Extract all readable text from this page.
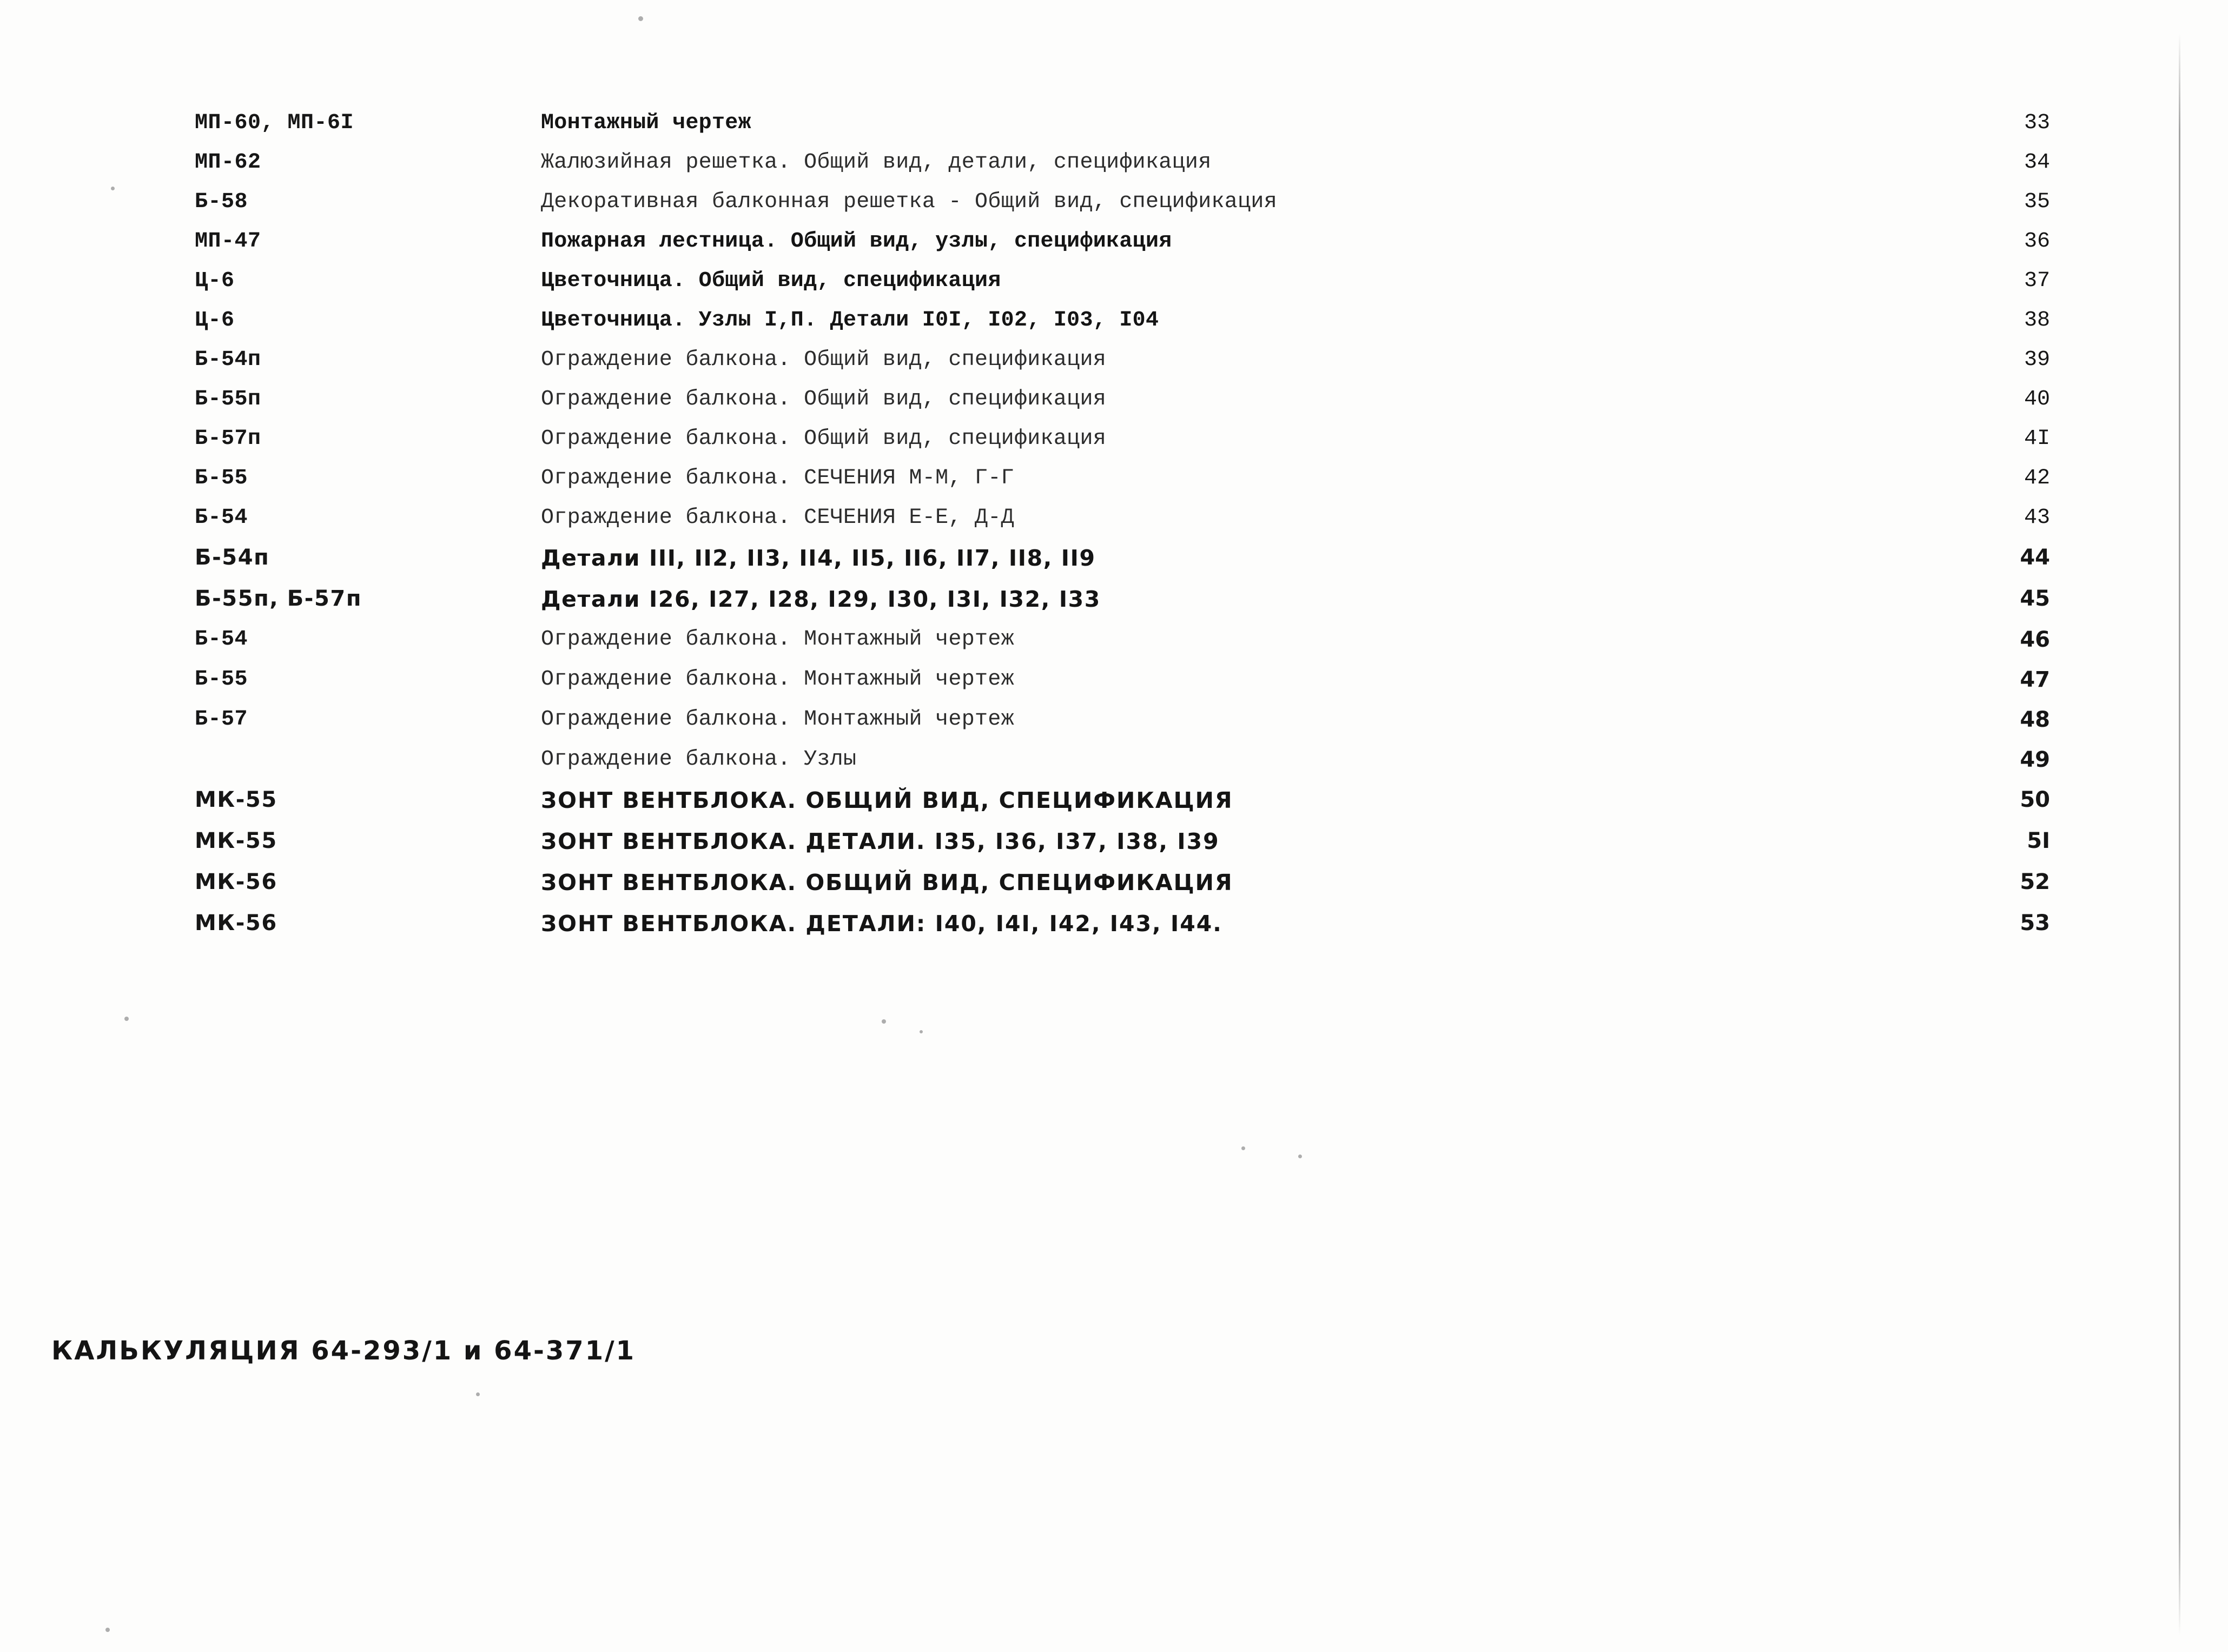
МП-60, МП-6I	Монтажный чертеж	33
МП-62	Жалюзийная решетка. Общий вид, детали, спецификация	34
Б-58	Декоративная балконная решетка - Общий вид, спецификация	35
МП-47	Пожарная лестница. Общий вид, узлы, спецификация	36
Ц-6	Цветочница. Общий вид, спецификация	37
Ц-6	Цветочница. Узлы I,П. Детали I0I, I02, I03, I04	38
Б-54п	Ограждение балкона. Общий вид, спецификация	39
Б-55п	Ограждение балкона. Общий вид, спецификация	40
Б-57п	Ограждение балкона. Общий вид, спецификация	4I
Б-55	Ограждение балкона. СЕЧЕНИЯ М-М, Г-Г	42
Б-54	Ограждение балкона. СЕЧЕНИЯ Е-Е, Д-Д	43
Б-54п	Детали III, II2, II3, II4, II5, II6, II7, II8, II9	44
Б-55п, Б-57п	Детали I26, I27, I28, I29, I30, I3I, I32, I33	45
Б-54	Ограждение балкона. Монтажный чертеж	46
Б-55	Ограждение балкона. Монтажный чертеж	47
Б-57	Ограждение балкона. Монтажный чертеж	48
	Ограждение балкона. Узлы	49
МК-55	ЗОНТ ВЕНТБЛОКА. ОБЩИЙ ВИД, СПЕЦИФИКАЦИЯ	50
МК-55	ЗОНТ ВЕНТБЛОКА. ДЕТАЛИ. I35, I36, I37, I38, I39	5I
МК-56	ЗОНТ ВЕНТБЛОКА. ОБЩИЙ ВИД, СПЕЦИФИКАЦИЯ	52
МК-56	ЗОНТ ВЕНТБЛОКА. ДЕТАЛИ: I40, I4I, I42, I43, I44.	53
КАЛЬКУЛЯЦИЯ 64-293/1 и 64-371/1
